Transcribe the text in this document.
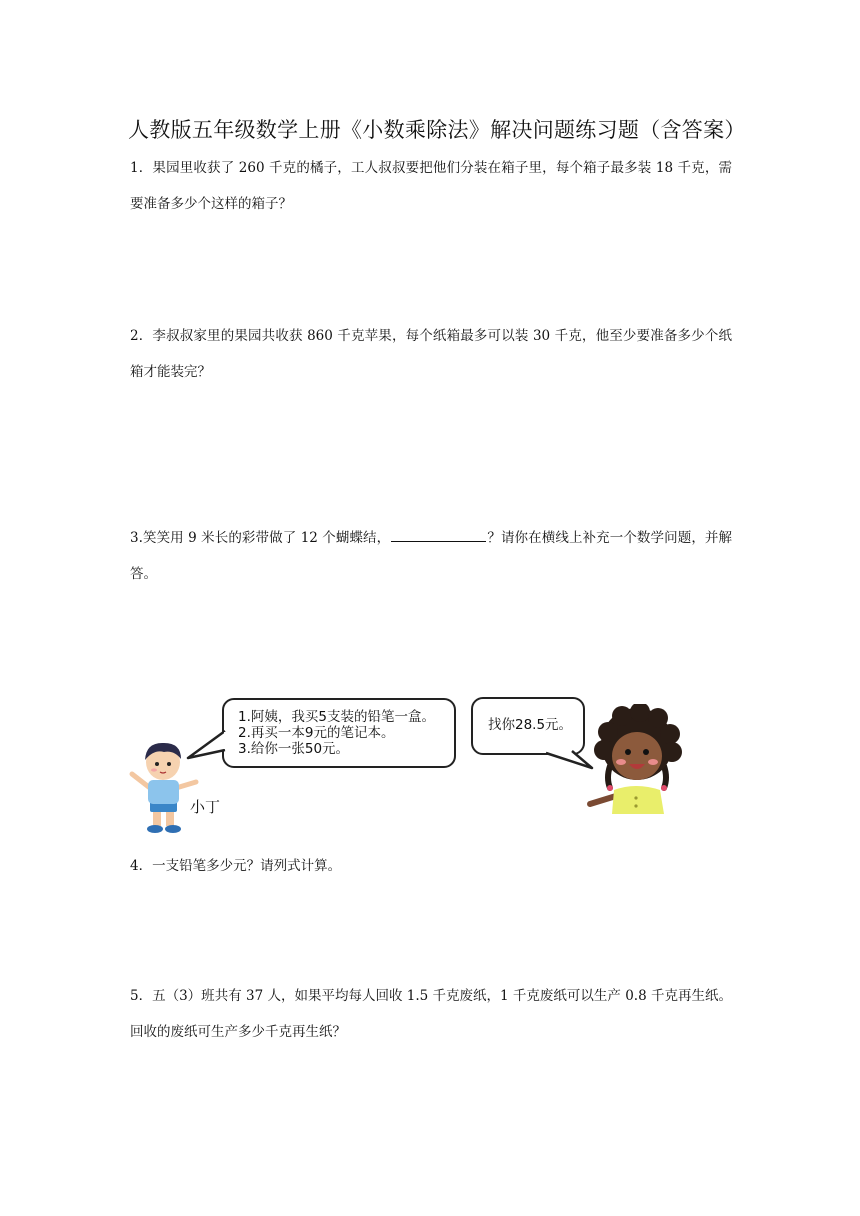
人教版五年级数学上册《小数乘除法》解决问题练习题（含答案）
1．果园里收获了 260 千克的橘子，工人叔叔要把他们分装在箱子里，每个箱子最多装 18 千克，需要准备多少个这样的箱子？
2．李叔叔家里的果园共收获 860 千克苹果，每个纸箱最多可以装 30 千克，他至少要准备多少个纸箱才能装完？
3.笑笑用 9 米长的彩带做了 12 个蝴蝶结，	？请你在横线上补充一个数学问题，并解答。
小丁
1.阿姨，我买5支装的铅笔一盒。
2.再买一本9元的笔记本。
3.给你一张50元。
找你28.5元。
4．一支铅笔多少元？请列式计算。
5．五（3）班共有 37 人，如果平均每人回收 1.5 千克废纸，1 千克废纸可以生产 0.8 千克再生纸。回收的废纸可生产多少千克再生纸？
